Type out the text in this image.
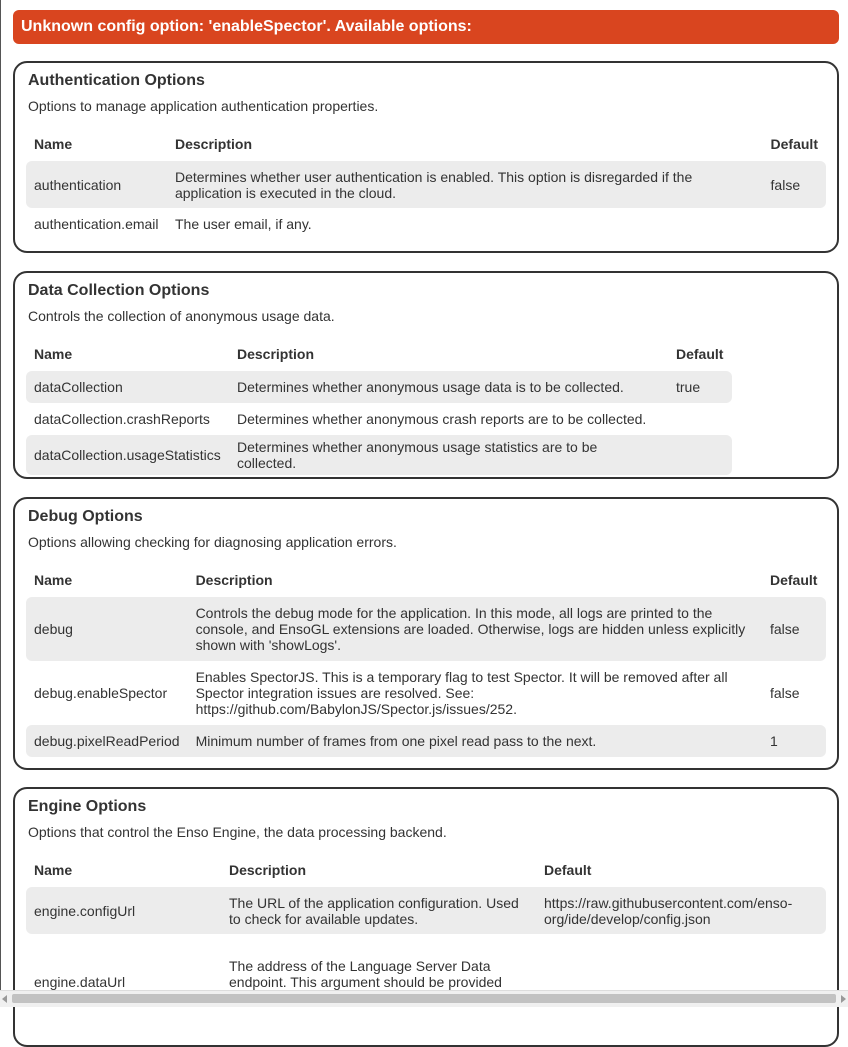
Unknown config option: 'enableSpector'. Available options:
Authentication Options
Options to manage application authentication properties.
Name	Description	Default
authentication	Determines whether user authentication is enabled. This option is disregarded if the application is executed in the cloud.	false
authentication.email	The user email, if any.	
Data Collection Options
Controls the collection of anonymous usage data.
Name	Description	Default
dataCollection	Determines whether anonymous usage data is to be collected.	true
dataCollection.crashReports	Determines whether anonymous crash reports are to be collected.	
dataCollection.usageStatistics	Determines whether anonymous usage statistics are to be collected.	
Debug Options
Options allowing checking for diagnosing application errors.
Name	Description	Default
debug	Controls the debug mode for the application. In this mode, all logs are printed to the console, and EnsoGL extensions are loaded. Otherwise, logs are hidden unless explicitly shown with 'showLogs'.	false
debug.enableSpector	Enables SpectorJS. This is a temporary flag to test Spector. It will be removed after all Spector integration issues are resolved. See: https://github.com/BabylonJS/Spector.js/issues/252.	false
debug.pixelReadPeriod	Minimum number of frames from one pixel read pass to the next.	1
Engine Options
Options that control the Enso Engine, the data processing backend.
Name	Description	Default
engine.configUrl	The URL of the application configuration. Used to check for available updates.	https://raw.githubusercontent.com/enso-org/ide/develop/config.json
engine.dataUrl	The address of the Language Server Data endpoint. This argument should be provided	
